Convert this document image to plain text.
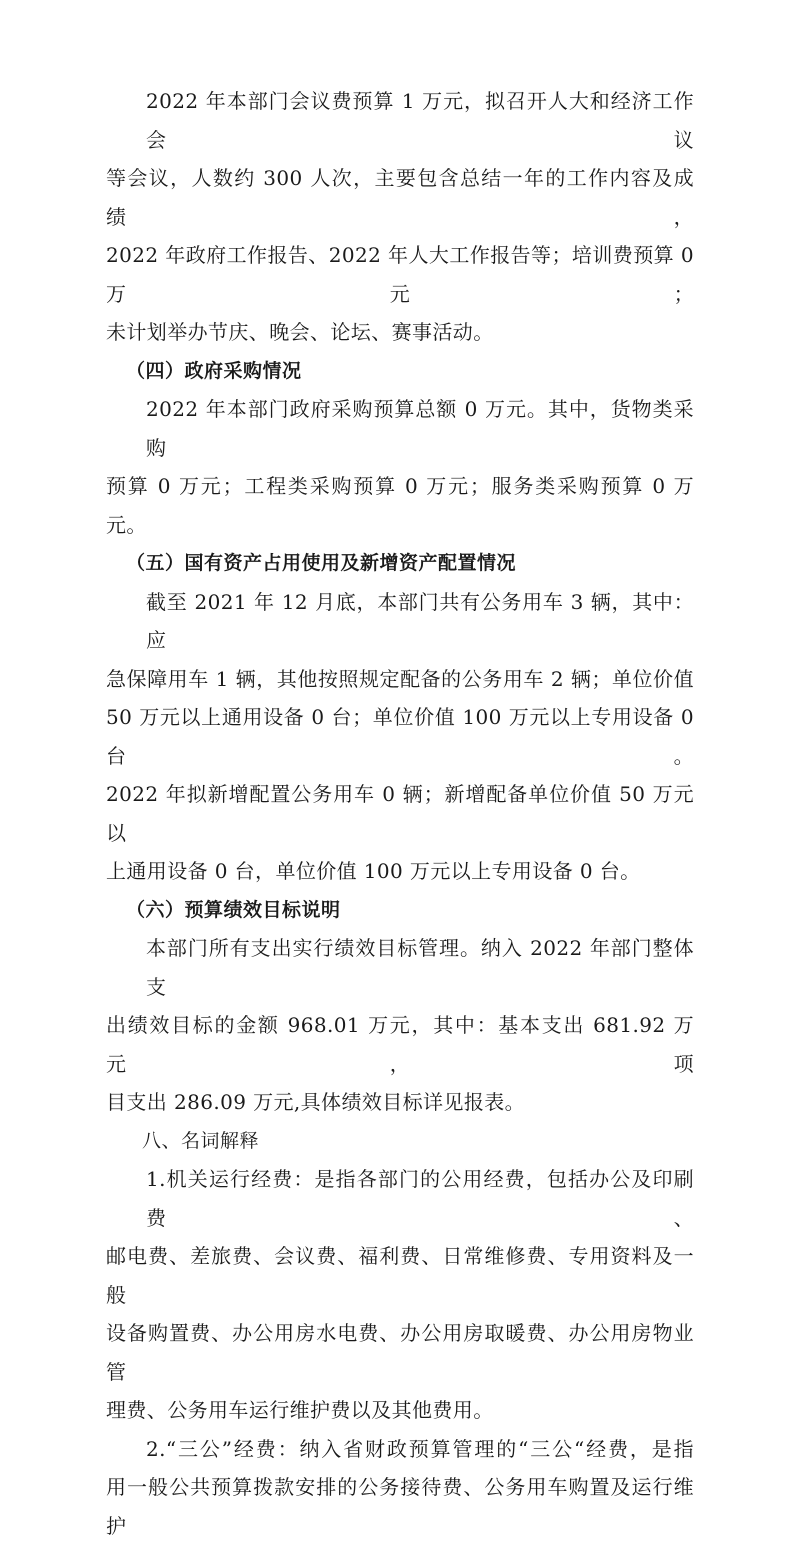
2022 年本部门会议费预算 1 万元，拟召开人大和经济工作会议
等会议，人数约 300 人次，主要包含总结一年的工作内容及成绩，
2022 年政府工作报告、2022 年人大工作报告等；培训费预算 0 万元；
未计划举办节庆、晚会、论坛、赛事活动。
（四）政府采购情况
2022 年本部门政府采购预算总额 0 万元。其中，货物类采购
预算 0 万元；工程类采购预算 0 万元；服务类采购预算 0 万元。
（五）国有资产占用使用及新增资产配置情况
截至 2021 年 12 月底，本部门共有公务用车 3 辆，其中：应
急保障用车 1 辆，其他按照规定配备的公务用车 2 辆；单位价值
50 万元以上通用设备 0 台；单位价值 100 万元以上专用设备 0 台。
2022 年拟新增配置公务用车 0 辆；新增配备单位价值 50 万元以
上通用设备 0 台，单位价值 100 万元以上专用设备 0 台。
（六）预算绩效目标说明
本部门所有支出实行绩效目标管理。纳入 2022 年部门整体支
出绩效目标的金额 968.01 万元，其中：基本支出 681.92 万元，项
目支出 286.09 万元,具体绩效目标详见报表。
八、名词解释
1.机关运行经费：是指各部门的公用经费，包括办公及印刷费、
邮电费、差旅费、会议费、福利费、日常维修费、专用资料及一般
设备购置费、办公用房水电费、办公用房取暖费、办公用房物业管
理费、公务用车运行维护费以及其他费用。
2.“三公”经费：纳入省财政预算管理的“三公“经费，是指
用一般公共预算拨款安排的公务接待费、公务用车购置及运行维护
